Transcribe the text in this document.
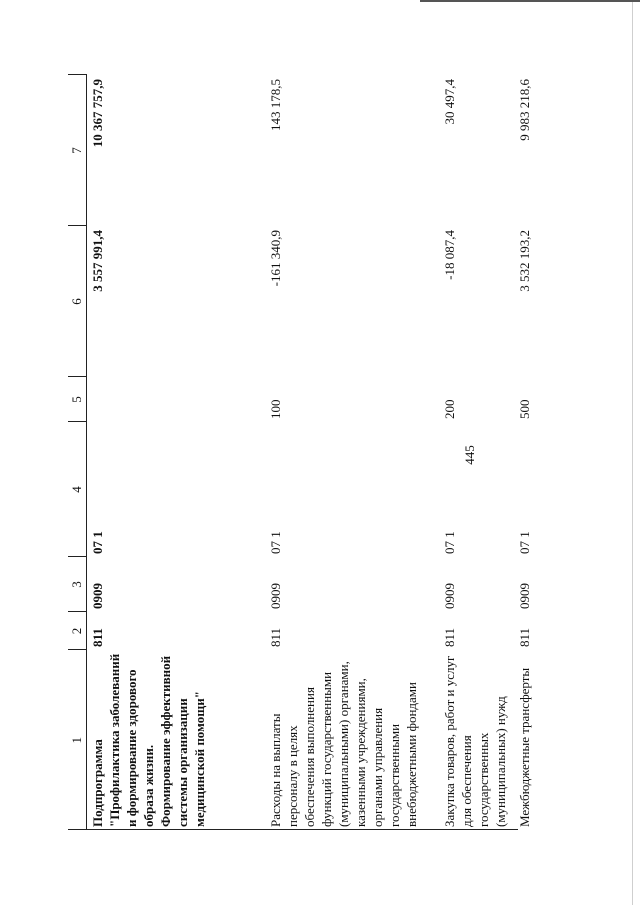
445
1	2	3	4	5	6	7
Подпрограмма "Профилактика заболеваний и формирование здорового образа жизни. Формирование эффективной системы организации медицинской помощи"	811	0909	07 1		3 557 991,4	10 367 757,9
Расходы на выплаты персоналу в целях обеспечения выполнения функций государственными (муниципальными) органами, казенными учреждениями, органами управления государственными внебюджетными фондами	811	0909	07 1	100	-161 340,9	143 178,5
Закупка товаров, работ и услуг для обеспечения государственных (муниципальных) нужд	811	0909	07 1	200	-18 087,4	30 497,4
Межбюджетные трансферты	811	0909	07 1	500	3 532 193,2	9 983 218,6
